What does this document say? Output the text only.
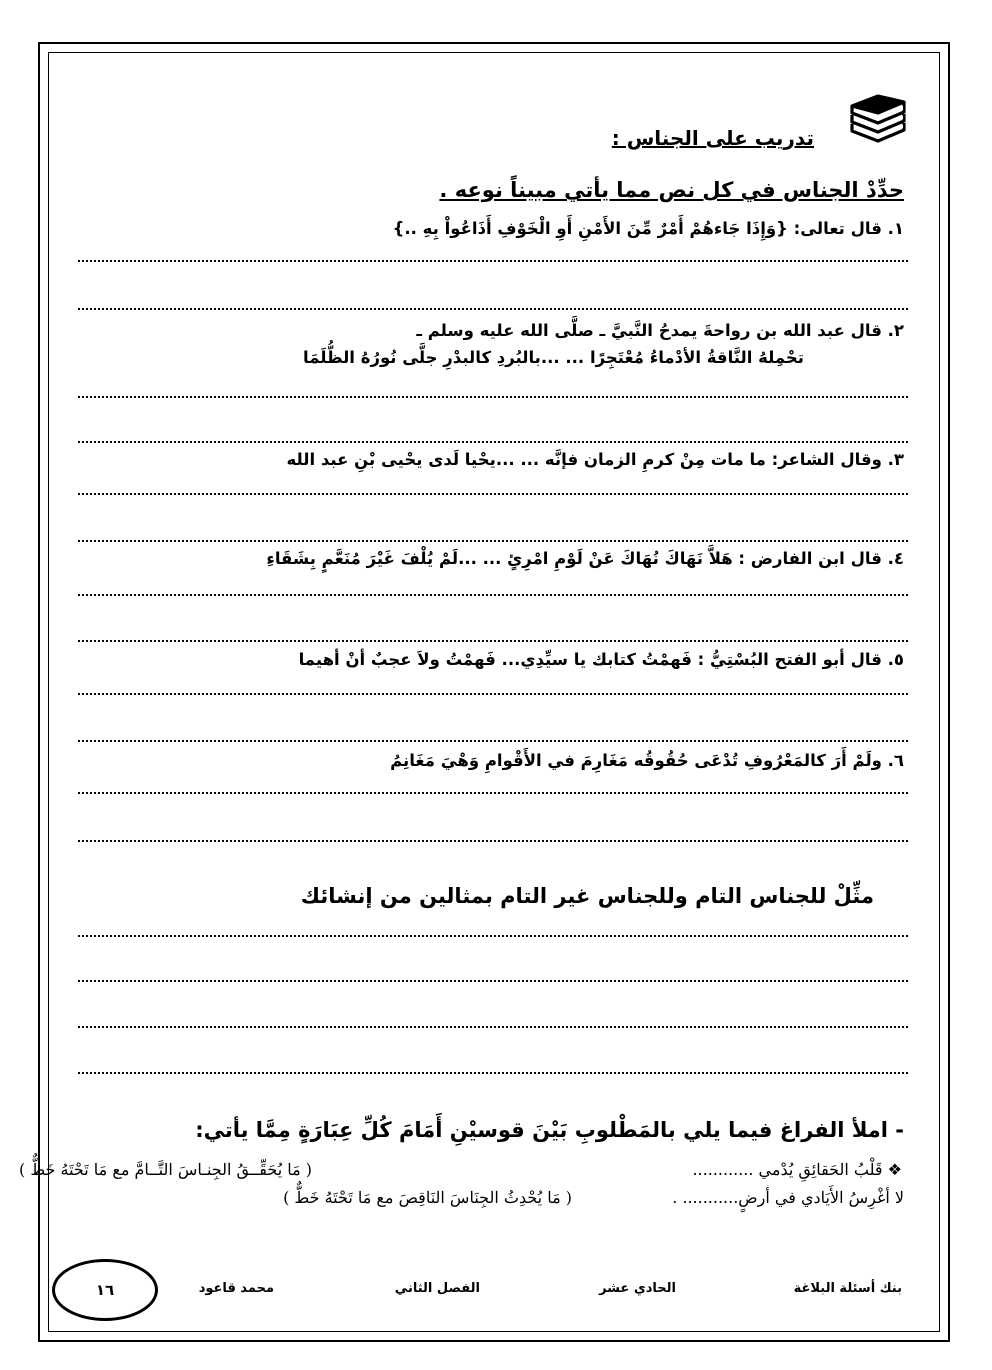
تدريب على الجناس :
حدِّدْ الجناس في كل نص مما يأتي مبيناً نوعه .
١. قال تعالى: {وَإِذَا جَاءهُمْ أَمْرٌ مِّنَ الأَمْنِ أَوِ الْخَوْفِ أَذَاعُواْ بِهِ ..}
٢. قال عبد الله بن رواحةَ يمدحُ النَّبيَّ ـ صلَّى الله عليه وسلم ـ
تحْمِلهُ النَّاقةُ الأدْماءُ مُعْتَجِرًا ... ...بالبُردِ كالبدْرِ جلَّى نُورُهُ الظُّلَمَا
٣. وقال الشاعر: ما مات مِنْ كرمِ الزمان فإنَّه ... ...يحْيا لَدى يحْيى بْنِ عبد الله
٤. قال ابن الفارض : هَلاَّ نَهَاكَ نُهَاكَ عَنْ لَوْمِ امْرِئٍ ... ...لَمْ يُلْفَ غَيْرَ مُنَعَّمٍ بِشَقَاءِ
٥. قال أبو الفتح البُسْتِيُّ : فَهمْتُ كتابك يا سيِّدِي... فَهمْتُ ولاَ عجبٌ أنْ أهيما
٦. ولَمْ أَرَ كالمَعْرُوفِ تُدْعَى حُقُوقُه مَغَارِمَ في الأَقْوامِ وَهْيَ مَغَانِمُ
مثِّلْ للجناس التام وللجناس غير التام بمثالين من إنشائك
- املأ الفراغ فيما يلي بالمَطْلوبِ بَيْنَ قوسيْنِ أَمَامَ كُلِّ عِبَارَةٍ مِمَّا يأتي:
❖ قَلْبُ الحَقائِقِ يُدْمي ............
( مَا يُحَقِّــقُ الجِنـاسَ التَّــامَّ مع مَا تَحْتَهُ خَطٌّ )
لا أغْرِسُ الأَيَادي في أرضٍ........... .
( مَا يُحْدِثُ الجِنَاسَ النَاقِصَ مع مَا تَحْتَهُ خَطٌّ )
بنك أسئلة البلاغة
الحادي عشر
الفصل الثاني
محمد قاعود
١٦
